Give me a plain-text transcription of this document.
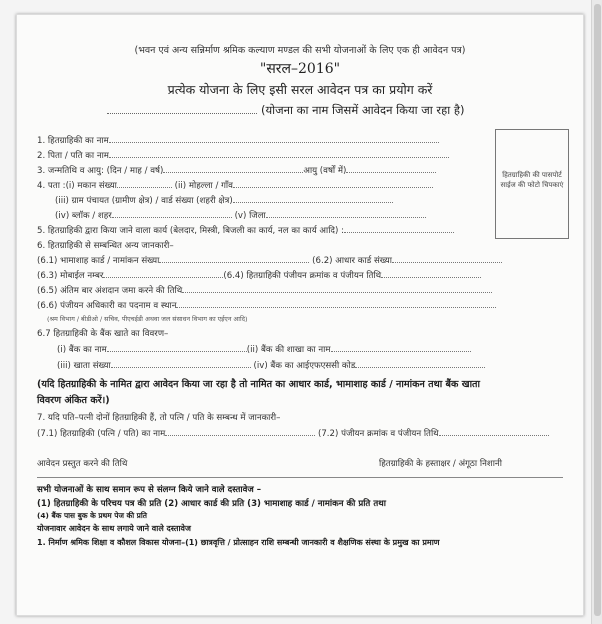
(भवन एवं अन्य सन्निर्माण श्रमिक कल्याण मण्डल की सभी योजनाओं के लिए एक ही आवेदन पत्र)
"सरल–2016"
प्रत्येक योजना के लिए इसी सरल आवेदन पत्र का प्रयोग करें
(योजना का नाम जिसमें आवेदन किया जा रहा है)
हितग्राहिकी की पासपोर्ट साईज की फोटो चिपकाएं
1. हितग्राहिकी का नाम
2. पिता / पति का नाम
3. जन्मतिथि व आयु: (दिन / माह / वर्ष)	आयु (वर्षों में)
4. पता :(i) मकान संख्या	(ii) मोहल्ला / गाँव
(iii) ग्राम पंचायत (ग्रामीण क्षेत्र) / वार्ड संख्या (शहरी क्षेत्र)
(iv) ब्लॉक / शहर	(v) जिला
5. हितग्राहिकी द्वारा किया जाने वाला कार्य (बेलदार, मिस्त्री, बिजली का कार्य, नल का कार्य आदि) :
6. हितग्राहिकी से सम्बन्धित अन्य जानकारी–
(6.1) भामाशाह कार्ड / नामांकन संख्या	(6.2) आधार कार्ड संख्या
(6.3) मोबाईल नम्बर	(6.4) हितग्राहिकी पंजीयन क्रमांक व पंजीयन तिथि
(6.5) अंतिम बार अंशदान जमा करने की तिथि
(6.6) पंजीयन अधिकारी का पदनाम व स्थान
(श्रम विभाग / बीडीओ / सचिव, पीएचईडी अथवा जल संसाधन विभाग का एईएन आदि)
6.7 हितग्राहिकी के बैंक खाते का विवरण–
(i) बैंक का नाम	(ii) बैंक की शाखा का नाम
(iii) खाता संख्या	(iv) बैंक का आईएफएससी कोड
(यदि हितग्राहिकी के नामित द्वारा आवेदन किया जा रहा है तो नामित का आधार कार्ड, भामाशाह कार्ड / नामांकन तथा बैंक खाता
विवरण अंकित करें।)
7. यदि पति–पत्नी दोनों हितग्राहिकी हैं, तो पत्नि / पति के सम्बन्ध में जानकारी–
(7.1) हितग्राहिकी (पत्नि / पति) का नाम	(7.2) पंजीयन क्रमांक व पंजीयन तिथि
आवेदन प्रस्तुत करने की तिथि	हितग्राहिकी के हस्ताक्षर / अंगूठा निशानी
सभी योजनाओं के साथ समान रूप से संलग्न किये जाने वाले दस्तावेज –
(1) हितग्राहिकी के परिचय पत्र की प्रति (2) आधार कार्ड की प्रति (3) भामाशाह कार्ड / नामांकन की प्रति तथा
(4) बैंक पास बुक के प्रथम पेज की प्रति
योजनावार आवेदन के साथ लगाये जाने वाले दस्तावेज
1. निर्माण श्रमिक शिक्षा व कौशल विकास योजना–(1) छात्रवृत्ति / प्रोत्साहन राशि सम्बन्धी जानकारी व शैक्षणिक संस्था के प्रमुख का प्रमाण
